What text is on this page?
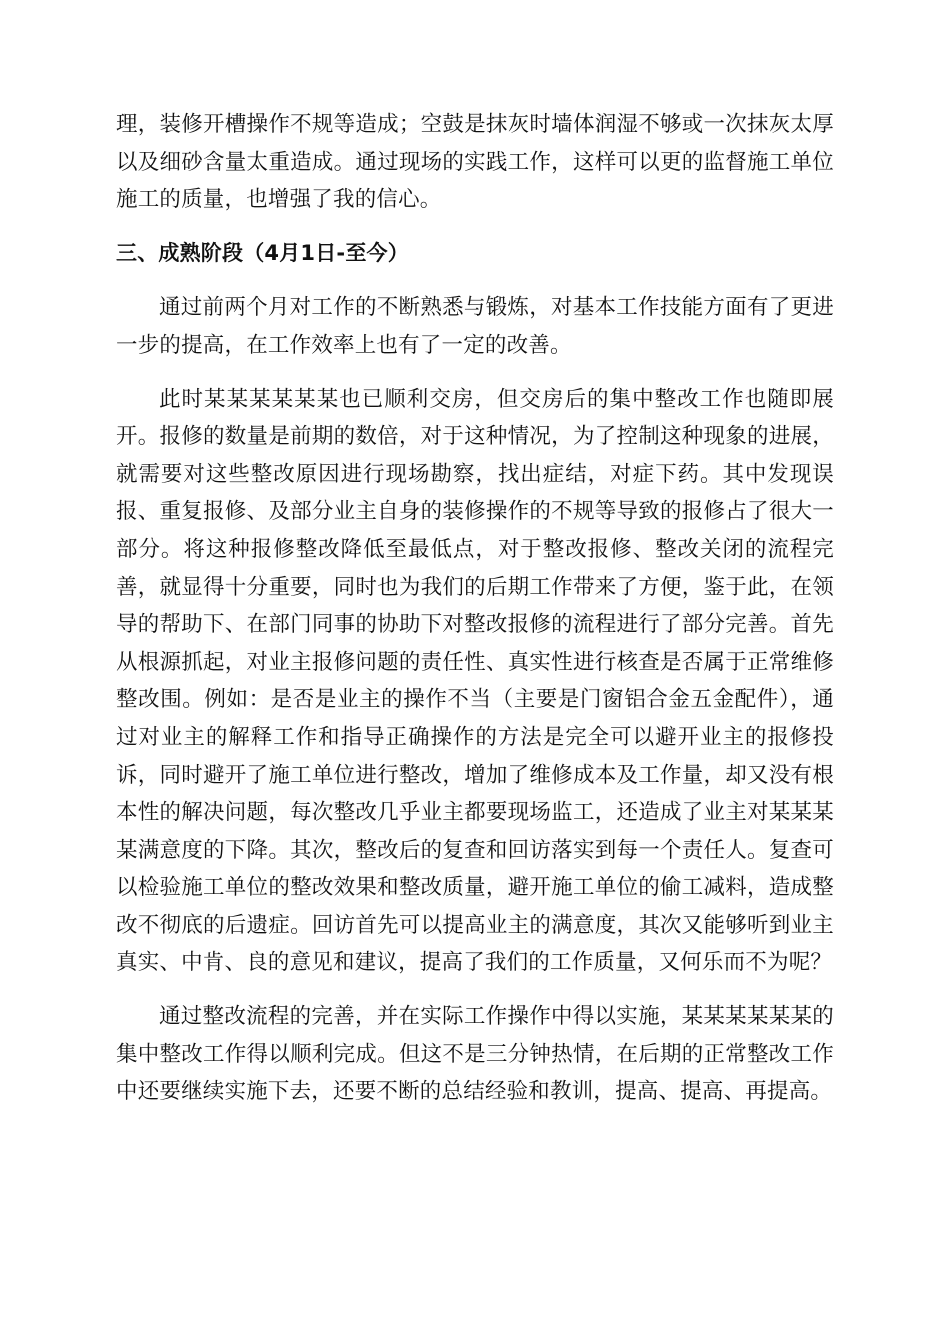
理，装修开槽操作不规等造成；空鼓是抹灰时墙体润湿不够或一次抹灰太厚以及细砂含量太重造成。通过现场的实践工作，这样可以更的监督施工单位施工的质量，也增强了我的信心。

三、成熟阶段（4月1日-至今）

通过前两个月对工作的不断熟悉与锻炼，对基本工作技能方面有了更进一步的提高，在工作效率上也有了一定的改善。

此时某某某某某某也已顺利交房，但交房后的集中整改工作也随即展开。报修的数量是前期的数倍，对于这种情况，为了控制这种现象的进展，就需要对这些整改原因进行现场勘察，找出症结，对症下药。其中发现误报、重复报修、及部分业主自身的装修操作的不规等导致的报修占了很大一部分。将这种报修整改降低至最低点，对于整改报修、整改关闭的流程完善，就显得十分重要，同时也为我们的后期工作带来了方便，鉴于此，在领导的帮助下、在部门同事的协助下对整改报修的流程进行了部分完善。首先从根源抓起，对业主报修问题的责任性、真实性进行核查是否属于正常维修整改围。例如：是否是业主的操作不当（主要是门窗铝合金五金配件），通过对业主的解释工作和指导正确操作的方法是完全可以避开业主的报修投诉，同时避开了施工单位进行整改，增加了维修成本及工作量，却又没有根本性的解决问题，每次整改几乎业主都要现场监工，还造成了业主对某某某某满意度的下降。其次，整改后的复查和回访落实到每一个责任人。复查可以检验施工单位的整改效果和整改质量，避开施工单位的偷工减料，造成整改不彻底的后遗症。回访首先可以提高业主的满意度，其次又能够听到业主真实、中肯、良的意见和建议，提高了我们的工作质量，又何乐而不为呢？

通过整改流程的完善，并在实际工作操作中得以实施，某某某某某某的集中整改工作得以顺利完成。但这不是三分钟热情，在后期的正常整改工作中还要继续实施下去，还要不断的总结经验和教训，提高、提高、再提高。
